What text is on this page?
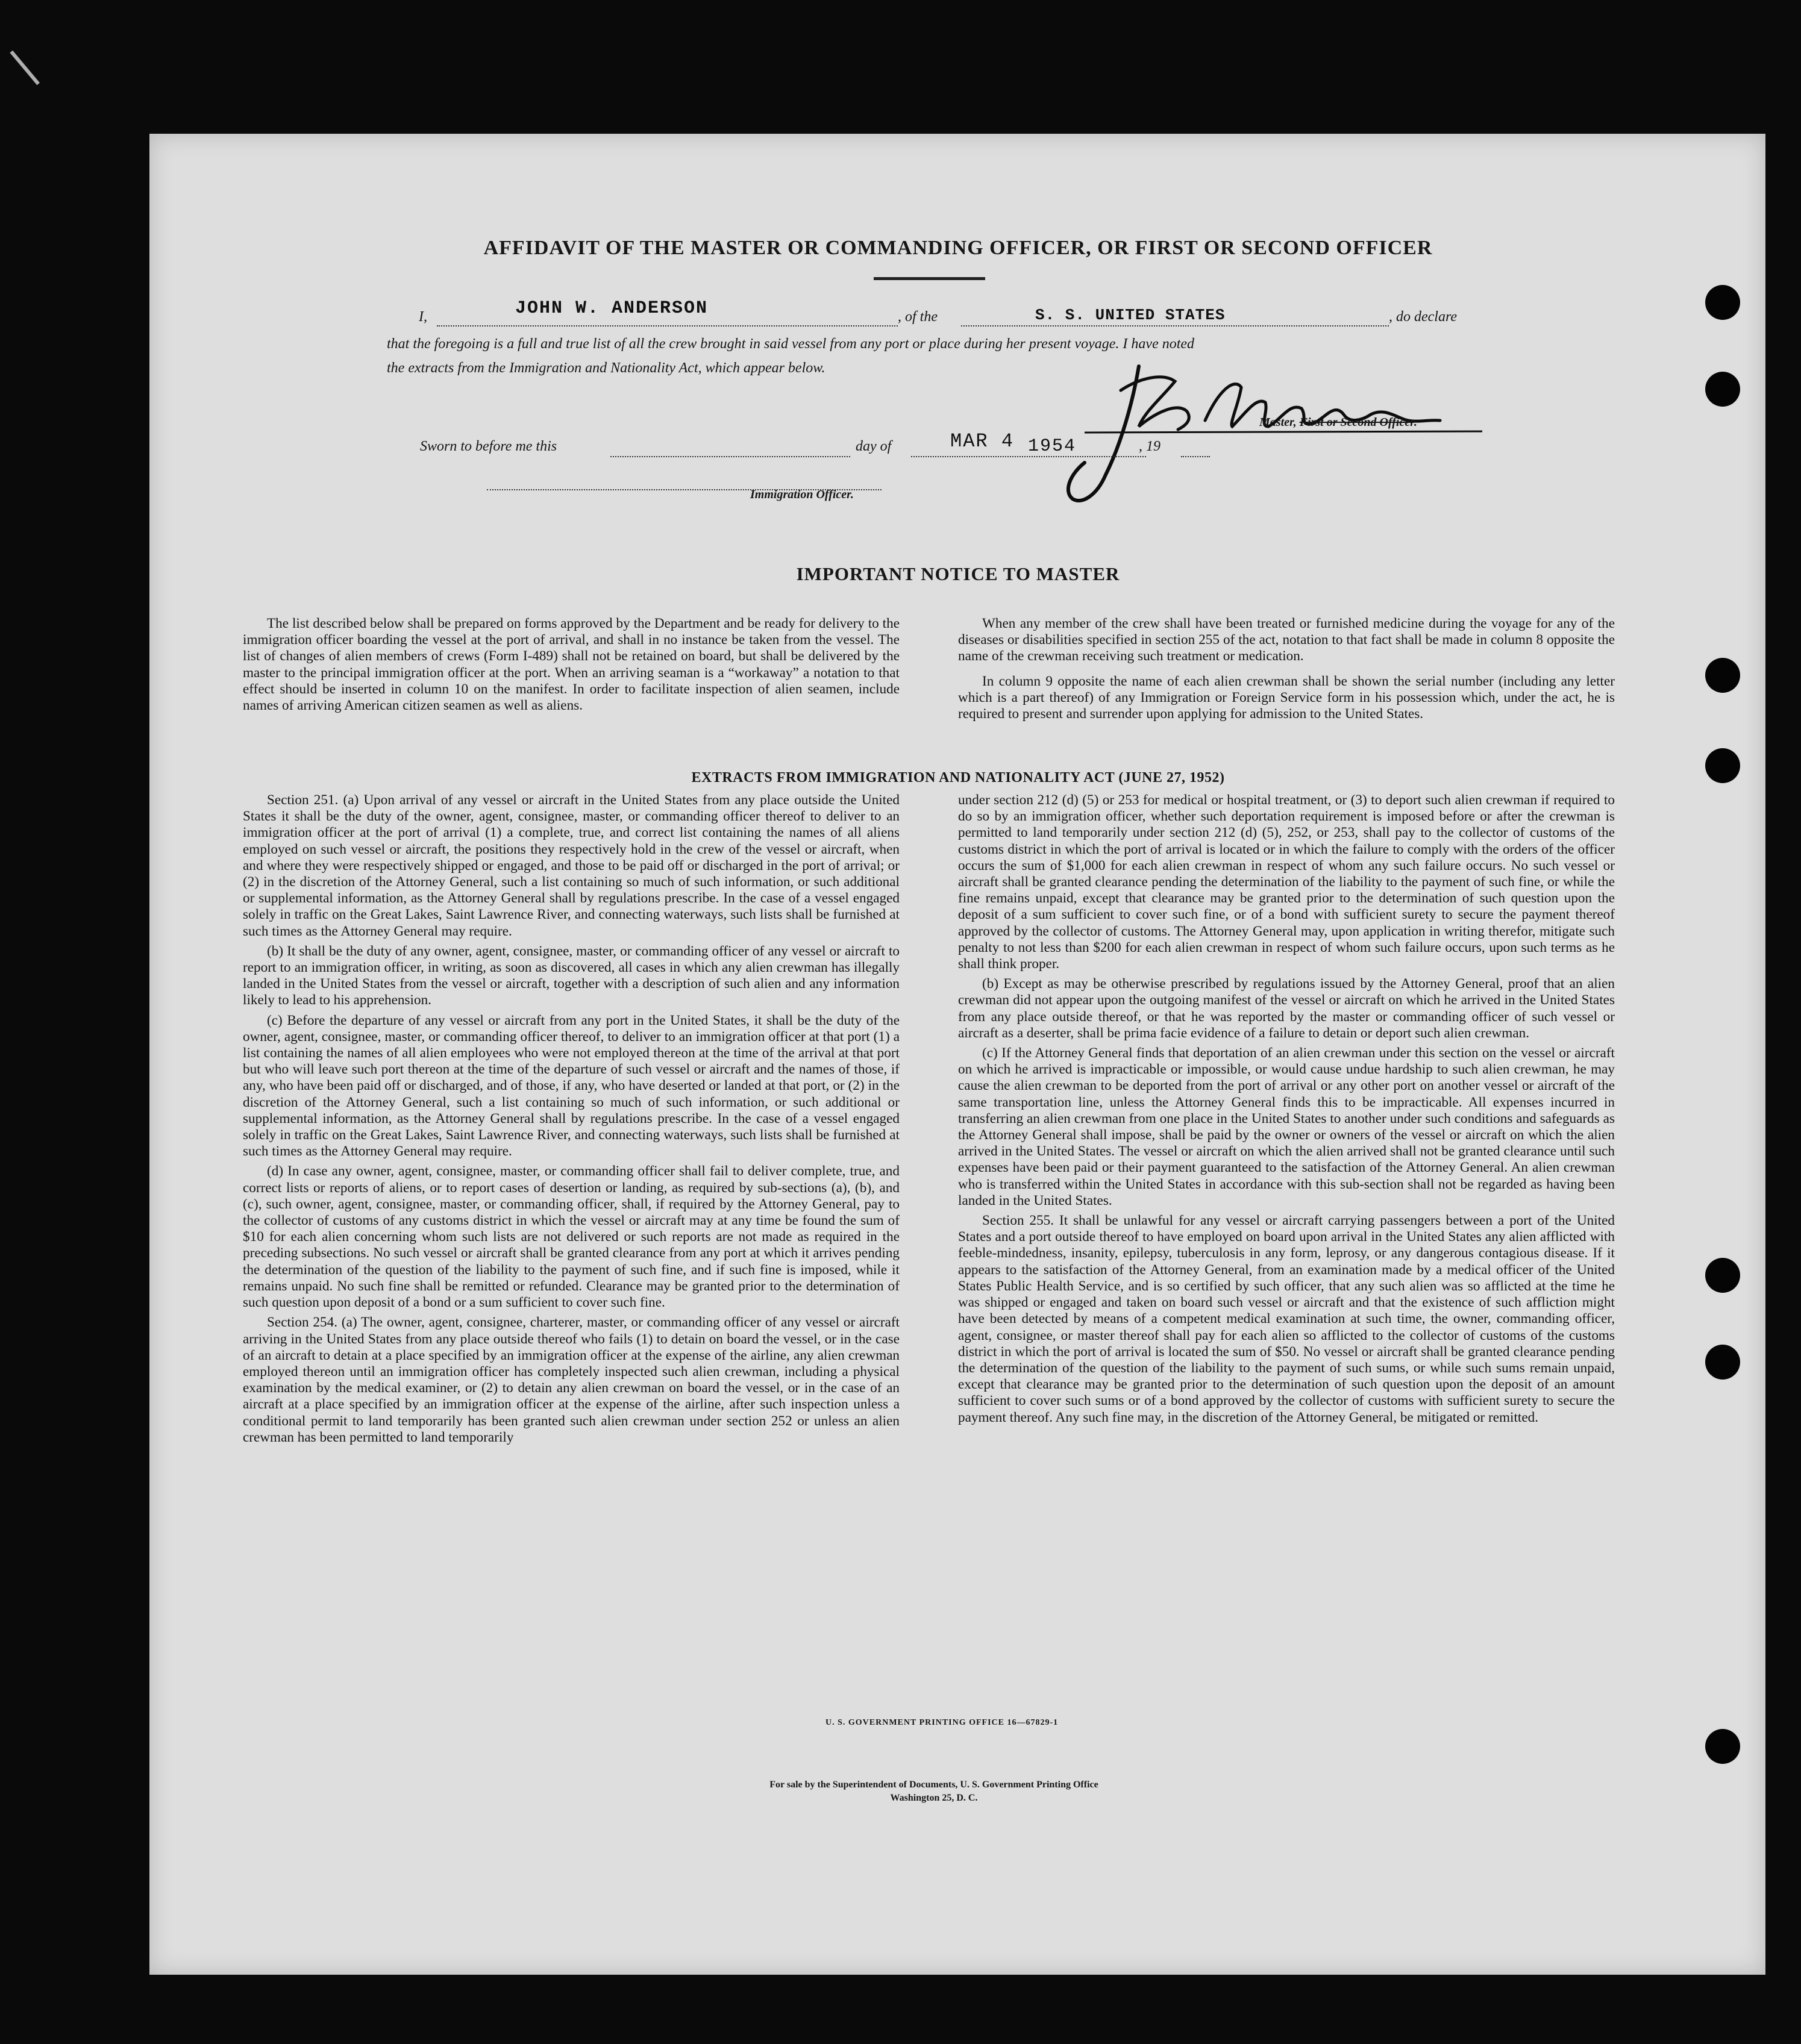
AFFIDAVIT OF THE MASTER OR COMMANDING OFFICER, OR FIRST OR SECOND OFFICER
I,	JOHN W. ANDERSON	, of the	S. S. UNITED STATES	, do declare
that the foregoing is a full and true list of all the crew brought in said vessel from any port or place during her present voyage. I have noted
the extracts from the Immigration and Nationality Act, which appear below.
Master, First or Second Officer.
Sworn to before me this	day of	MAR 4 1954	, 19
Immigration Officer.
IMPORTANT NOTICE TO MASTER

The list described below shall be prepared on forms approved by the Department and be ready for delivery to the immigration officer boarding the vessel at the port of arrival, and shall in no instance be taken from the vessel. The list of changes of alien members of crews (Form I-489) shall not be retained on board, but shall be delivered by the master to the principal immigration officer at the port. When an arriving seaman is a “workaway” a notation to that effect should be inserted in column 10 on the manifest. In order to facilitate inspection of alien seamen, include names of arriving American citizen seamen as well as aliens.

When any member of the crew shall have been treated or furnished medicine during the voyage for any of the diseases or disabilities specified in section 255 of the act, notation to that fact shall be made in column 8 opposite the name of the crewman receiving such treatment or medication.

In column 9 opposite the name of each alien crewman shall be shown the serial number (including any letter which is a part thereof) of any Immigration or Foreign Service form in his possession which, under the act, he is required to present and surrender upon applying for admission to the United States.

EXTRACTS FROM IMMIGRATION AND NATIONALITY ACT (JUNE 27, 1952)

Section 251. (a) Upon arrival of any vessel or aircraft in the United States from any place outside the United States it shall be the duty of the owner, agent, consignee, master, or commanding officer thereof to deliver to an immigration officer at the port of arrival (1) a complete, true, and correct list containing the names of all aliens employed on such vessel or aircraft, the positions they respectively hold in the crew of the vessel or aircraft, when and where they were respectively shipped or engaged, and those to be paid off or discharged in the port of arrival; or (2) in the discretion of the Attorney General, such a list containing so much of such information, or such additional or supplemental information, as the Attorney General shall by regulations prescribe. In the case of a vessel engaged solely in traffic on the Great Lakes, Saint Lawrence River, and connecting waterways, such lists shall be furnished at such times as the Attorney General may require.

(b) It shall be the duty of any owner, agent, consignee, master, or commanding officer of any vessel or aircraft to report to an immigration officer, in writing, as soon as discovered, all cases in which any alien crewman has illegally landed in the United States from the vessel or aircraft, together with a description of such alien and any information likely to lead to his apprehension.

(c) Before the departure of any vessel or aircraft from any port in the United States, it shall be the duty of the owner, agent, consignee, master, or commanding officer thereof, to deliver to an immigration officer at that port (1) a list containing the names of all alien employees who were not employed thereon at the time of the arrival at that port but who will leave such port thereon at the time of the departure of such vessel or aircraft and the names of those, if any, who have been paid off or discharged, and of those, if any, who have deserted or landed at that port, or (2) in the discretion of the Attorney General, such a list containing so much of such information, or such additional or supplemental information, as the Attorney General shall by regulations prescribe. In the case of a vessel engaged solely in traffic on the Great Lakes, Saint Lawrence River, and connecting waterways, such lists shall be furnished at such times as the Attorney General may require.

(d) In case any owner, agent, consignee, master, or commanding officer shall fail to deliver complete, true, and correct lists or reports of aliens, or to report cases of desertion or landing, as required by sub-sections (a), (b), and (c), such owner, agent, consignee, master, or commanding officer, shall, if required by the Attorney General, pay to the collector of customs of any customs district in which the vessel or aircraft may at any time be found the sum of $10 for each alien concerning whom such lists are not delivered or such reports are not made as required in the preceding subsections. No such vessel or aircraft shall be granted clearance from any port at which it arrives pending the determination of the question of the liability to the payment of such fine, and if such fine is imposed, while it remains unpaid. No such fine shall be remitted or refunded. Clearance may be granted prior to the determination of such question upon deposit of a bond or a sum sufficient to cover such fine.

Section 254. (a) The owner, agent, consignee, charterer, master, or commanding officer of any vessel or aircraft arriving in the United States from any place outside thereof who fails (1) to detain on board the vessel, or in the case of an aircraft to detain at a place specified by an immigration officer at the expense of the airline, any alien crewman employed thereon until an immigration officer has completely inspected such alien crewman, including a physical examination by the medical examiner, or (2) to detain any alien crewman on board the vessel, or in the case of an aircraft at a place specified by an immigration officer at the expense of the airline, after such inspection unless a conditional permit to land temporarily has been granted such alien crewman under section 252 or unless an alien crewman has been permitted to land temporarily

under section 212 (d) (5) or 253 for medical or hospital treatment, or (3) to deport such alien crewman if required to do so by an immigration officer, whether such deportation requirement is imposed before or after the crewman is permitted to land temporarily under section 212 (d) (5), 252, or 253, shall pay to the collector of customs of the customs district in which the port of arrival is located or in which the failure to comply with the orders of the officer occurs the sum of $1,000 for each alien crewman in respect of whom any such failure occurs. No such vessel or aircraft shall be granted clearance pending the determination of the liability to the payment of such fine, or while the fine remains unpaid, except that clearance may be granted prior to the determination of such question upon the deposit of a sum sufficient to cover such fine, or of a bond with sufficient surety to secure the payment thereof approved by the collector of customs. The Attorney General may, upon application in writing therefor, mitigate such penalty to not less than $200 for each alien crewman in respect of whom such failure occurs, upon such terms as he shall think proper.

(b) Except as may be otherwise prescribed by regulations issued by the Attorney General, proof that an alien crewman did not appear upon the outgoing manifest of the vessel or aircraft on which he arrived in the United States from any place outside thereof, or that he was reported by the master or commanding officer of such vessel or aircraft as a deserter, shall be prima facie evidence of a failure to detain or deport such alien crewman.

(c) If the Attorney General finds that deportation of an alien crewman under this section on the vessel or aircraft on which he arrived is impracticable or impossible, or would cause undue hardship to such alien crewman, he may cause the alien crewman to be deported from the port of arrival or any other port on another vessel or aircraft of the same transportation line, unless the Attorney General finds this to be impracticable. All expenses incurred in transferring an alien crewman from one place in the United States to another under such conditions and safeguards as the Attorney General shall impose, shall be paid by the owner or owners of the vessel or aircraft on which the alien arrived in the United States. The vessel or aircraft on which the alien arrived shall not be granted clearance until such expenses have been paid or their payment guaranteed to the satisfaction of the Attorney General. An alien crewman who is transferred within the United States in accordance with this sub-section shall not be regarded as having been landed in the United States.

Section 255. It shall be unlawful for any vessel or aircraft carrying passengers between a port of the United States and a port outside thereof to have employed on board upon arrival in the United States any alien afflicted with feeble-mindedness, insanity, epilepsy, tuberculosis in any form, leprosy, or any dangerous contagious disease. If it appears to the satisfaction of the Attorney General, from an examination made by a medical officer of the United States Public Health Service, and is so certified by such officer, that any such alien was so afflicted at the time he was shipped or engaged and taken on board such vessel or aircraft and that the existence of such affliction might have been detected by means of a competent medical examination at such time, the owner, commanding officer, agent, consignee, or master thereof shall pay for each alien so afflicted to the collector of customs of the customs district in which the port of arrival is located the sum of $50. No vessel or aircraft shall be granted clearance pending the determination of the question of the liability to the payment of such sums, or while such sums remain unpaid, except that clearance may be granted prior to the determination of such question upon the deposit of an amount sufficient to cover such sums or of a bond approved by the collector of customs with sufficient surety to secure the payment thereof. Any such fine may, in the discretion of the Attorney General, be mitigated or remitted.

U. S. GOVERNMENT PRINTING OFFICE 16—67829-1
For sale by the Superintendent of Documents, U. S. Government Printing Office
Washington 25, D. C.
